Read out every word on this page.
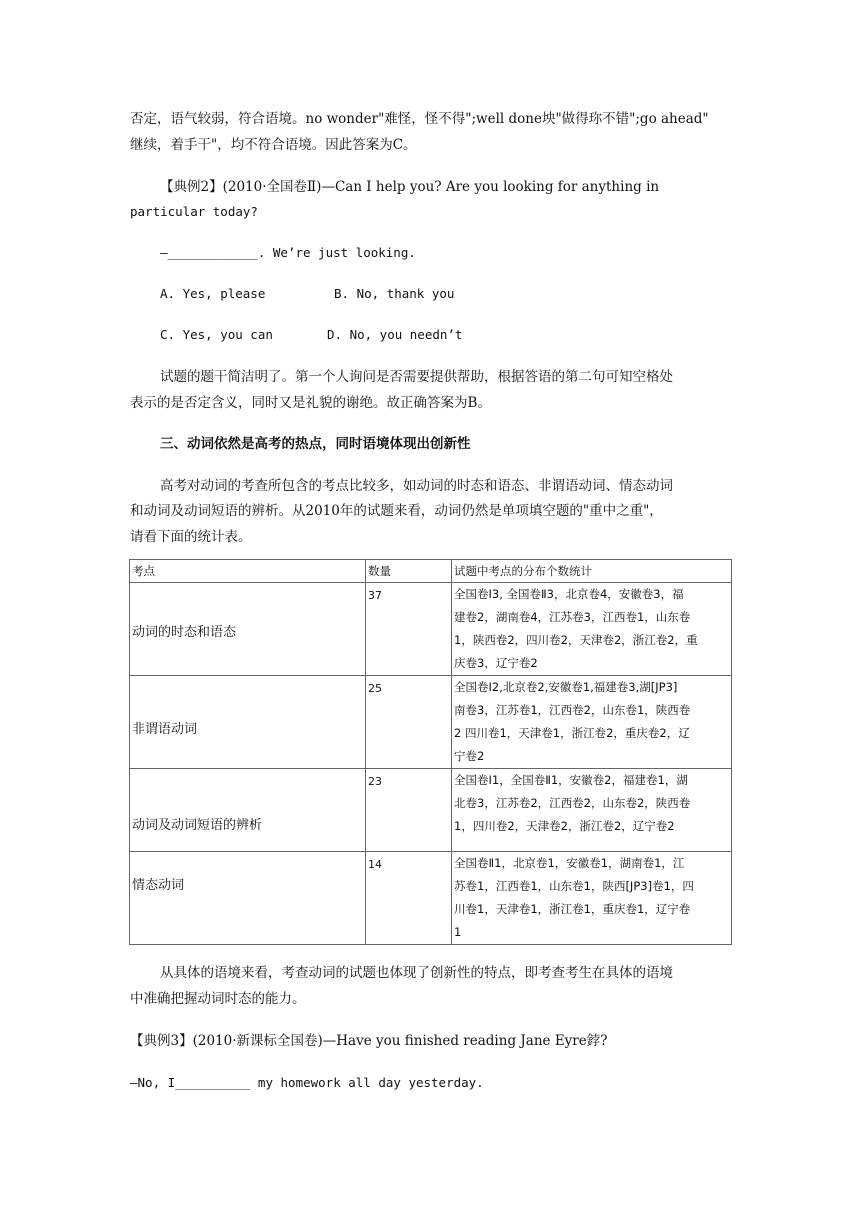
否定，语气较弱，符合语境。no wonder"难怪，怪不得";well done坱"做得珎不错";go ahead"
继续，着手干"，均不符合语境。因此答案为C。
【典例2】(2010·全国卷Ⅱ)—Can I help you? Are you looking for anything in
particular today?
—____________. We’re just looking.
A. Yes, please	B. No, thank you
C. Yes, you can	D. No, you needn’t
试题的题干简洁明了。第一个人询问是否需要提供帮助，根据答语的第二句可知空格处
表示的是否定含义，同时又是礼貌的谢绝。故正确答案为B。
三、动词依然是高考的热点，同时语境体现出创新性
高考对动词的考查所包含的考点比较多，如动词的时态和语态、非谓语动词、情态动词
和动词及动词短语的辨析。从2010年的试题来看，动词仍然是单项填空题的"重中之重"，
请看下面的统计表。
考点	数量	试题中考点的分布个数统计

动词的时态和语态	37	全国卷Ⅰ3, 全国卷Ⅱ3，北京卷4，安徽卷3，福
建卷2，湖南卷4，江苏卷3，江西卷1，山东卷
1，陕西卷2，四川卷2，天津卷2，浙江卷2，重
庆卷3，辽宁卷2

非谓语动词	25	全国卷Ⅰ2,北京卷2,安徽卷1,福建卷3,湖[JP3]
南卷3，江苏卷1，江西卷2，山东卷1，陕西卷
2 四川卷1，天津卷1，浙江卷2，重庆卷2，辽
宁卷2

动词及动词短语的辨析	23	全国卷Ⅰ1，全国卷Ⅱ1，安徽卷2，福建卷1，湖
北卷3，江苏卷2，江西卷2，山东卷2，陕西卷
1，四川卷2，天津卷2，浙江卷2，辽宁卷2

情态动词	14	全国卷Ⅱ1，北京卷1，安徽卷1，湖南卷1，江
苏卷1，江西卷1，山东卷1，陕西[JP3]卷1，四
川卷1，天津卷1，浙江卷1，重庆卷1，辽宁卷
1
从具体的语境来看，考查动词的试题也体现了创新性的特点，即考查考生在具体的语境
中准确把握动词时态的能力。
【典例3】(2010·新课标全国卷)—Have you finished reading Jane Eyre鋍?
—No, I__________ my homework all day yesterday.
